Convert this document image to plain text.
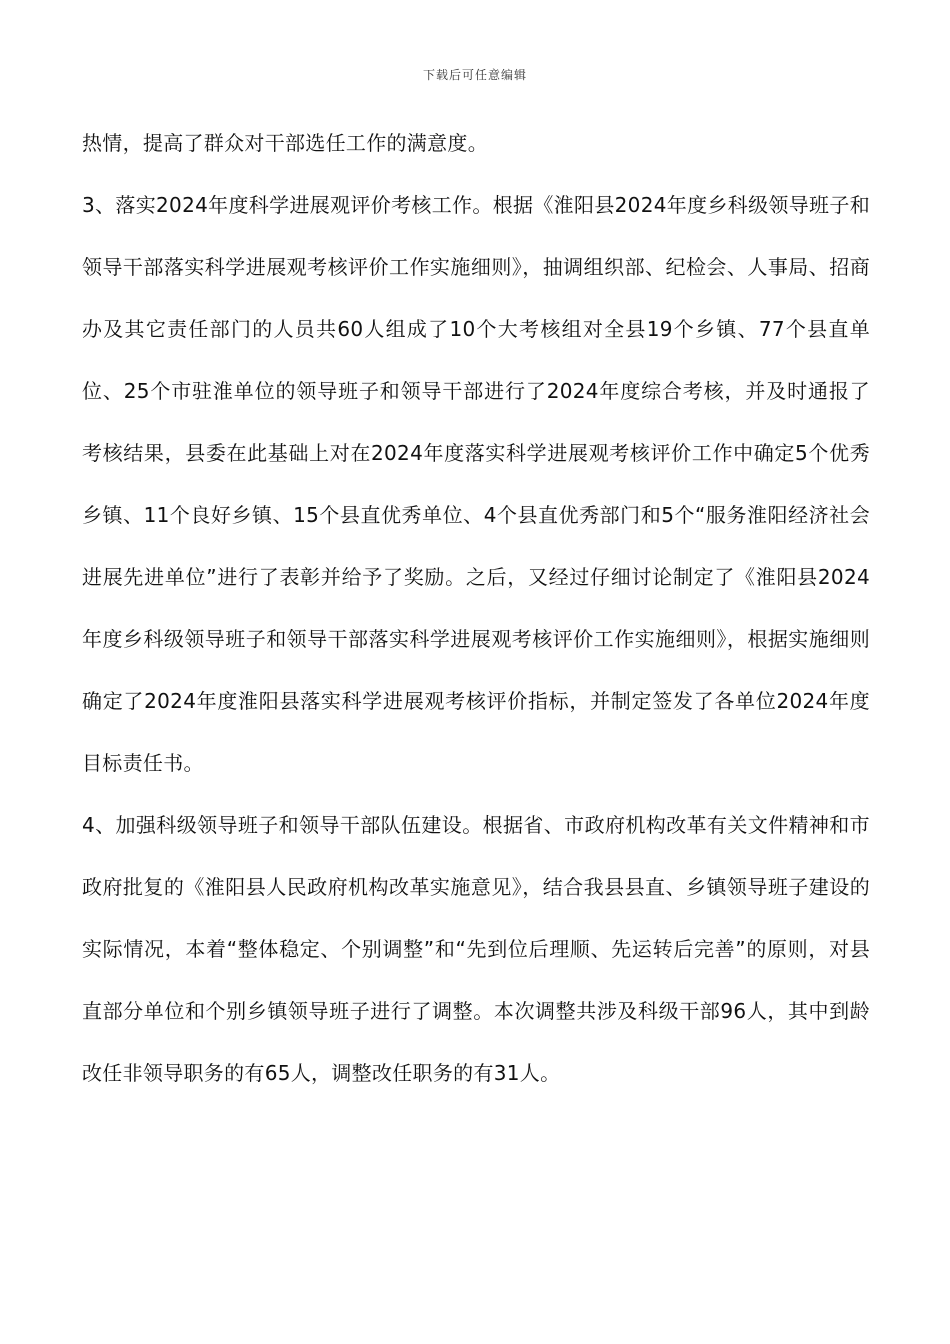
下载后可任意编辑

热情，提高了群众对干部选任工作的满意度。

3、落实2024年度科学进展观评价考核工作。根据《淮阳县2024年度乡科级领导班子和领导干部落实科学进展观考核评价工作实施细则》，抽调组织部、纪检会、人事局、招商办及其它责任部门的人员共60人组成了10个大考核组对全县19个乡镇、77个县直单位、25个市驻淮单位的领导班子和领导干部进行了2024年度综合考核，并及时通报了考核结果，县委在此基础上对在2024年度落实科学进展观考核评价工作中确定5个优秀乡镇、11个良好乡镇、15个县直优秀单位、4个县直优秀部门和5个“服务淮阳经济社会进展先进单位”进行了表彰并给予了奖励。之后，又经过仔细讨论制定了《淮阳县2024年度乡科级领导班子和领导干部落实科学进展观考核评价工作实施细则》，根据实施细则确定了2024年度淮阳县落实科学进展观考核评价指标，并制定签发了各单位2024年度目标责任书。

4、加强科级领导班子和领导干部队伍建设。根据省、市政府机构改革有关文件精神和市政府批复的《淮阳县人民政府机构改革实施意见》，结合我县县直、乡镇领导班子建设的实际情况，本着“整体稳定、个别调整”和“先到位后理顺、先运转后完善”的原则，对县直部分单位和个别乡镇领导班子进行了调整。本次调整共涉及科级干部96人，其中到龄改任非领导职务的有65人，调整改任职务的有31人。
